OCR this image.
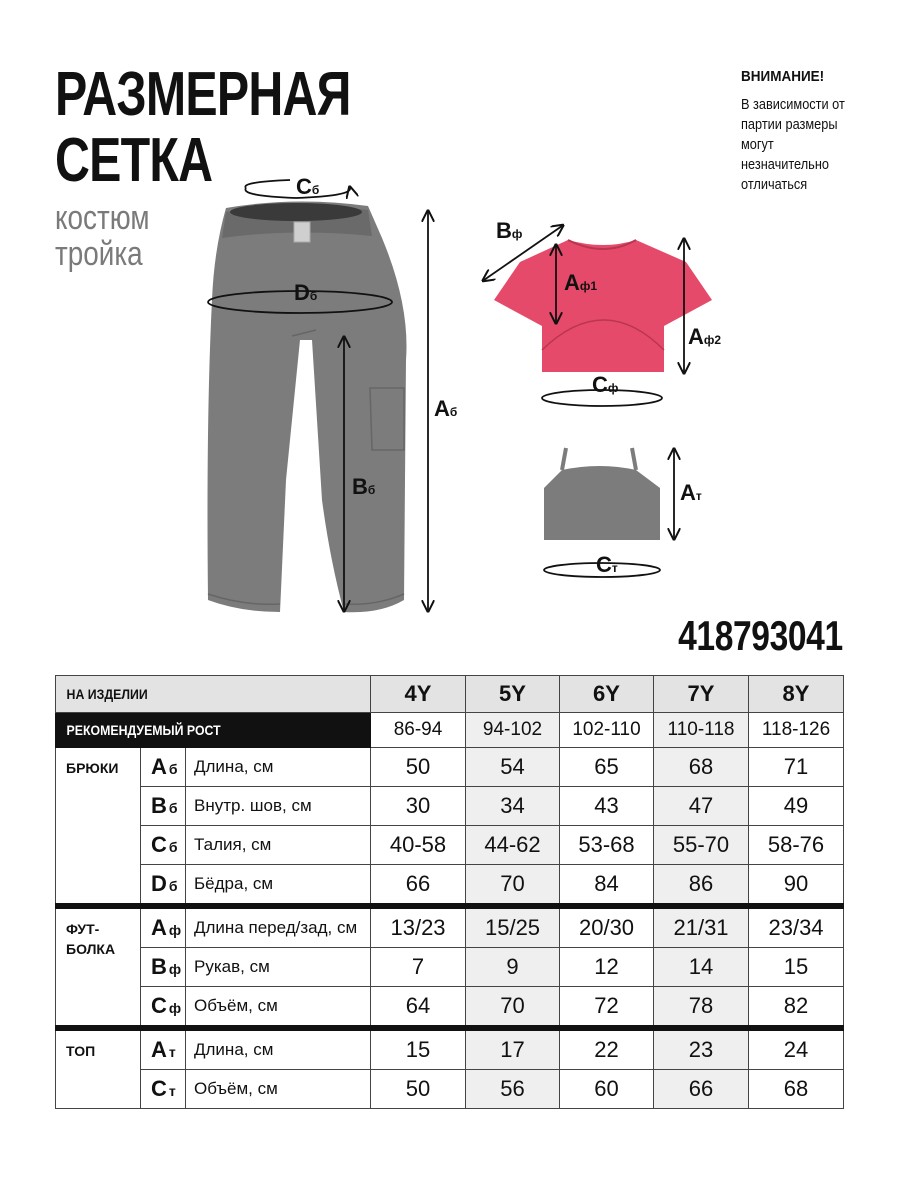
РАЗМЕРНАЯ
СЕТКА
костюм
тройка
ВНИМАНИЕ!
В зависимости от партии размеры могут незначительно отличаться
Cб
Dб
Aб
Bб
Bф
Aф1
Aф2
Cф
Aт
Cт
418793041
НА ИЗДЕЛИИ			4Y	5Y	6Y	7Y	8Y

РЕКОМЕНДУЕМЫЙ РОСТ			86-94	94-102	102-110	110-118	118-126

БРЮКИ	A б	Длина, см	50	54	65	68	71
	B б	Внутр. шов, см	30	34	43	47	49
	C б	Талия, см	40-58	44-62	53-68	55-70	58-76
	D б	Бёдра, см	66	70	84	86	90

ФУТ-
БОЛКА	A ф	Длина перед/зад, см	13/23	15/25	20/30	21/31	23/34
	B ф	Рукав, см	7	9	12	14	15
	C ф	Объём, см	64	70	72	78	82

ТОП	A т	Длина, см	15	17	22	23	24
	C т	Объём, см	50	56	60	66	68
